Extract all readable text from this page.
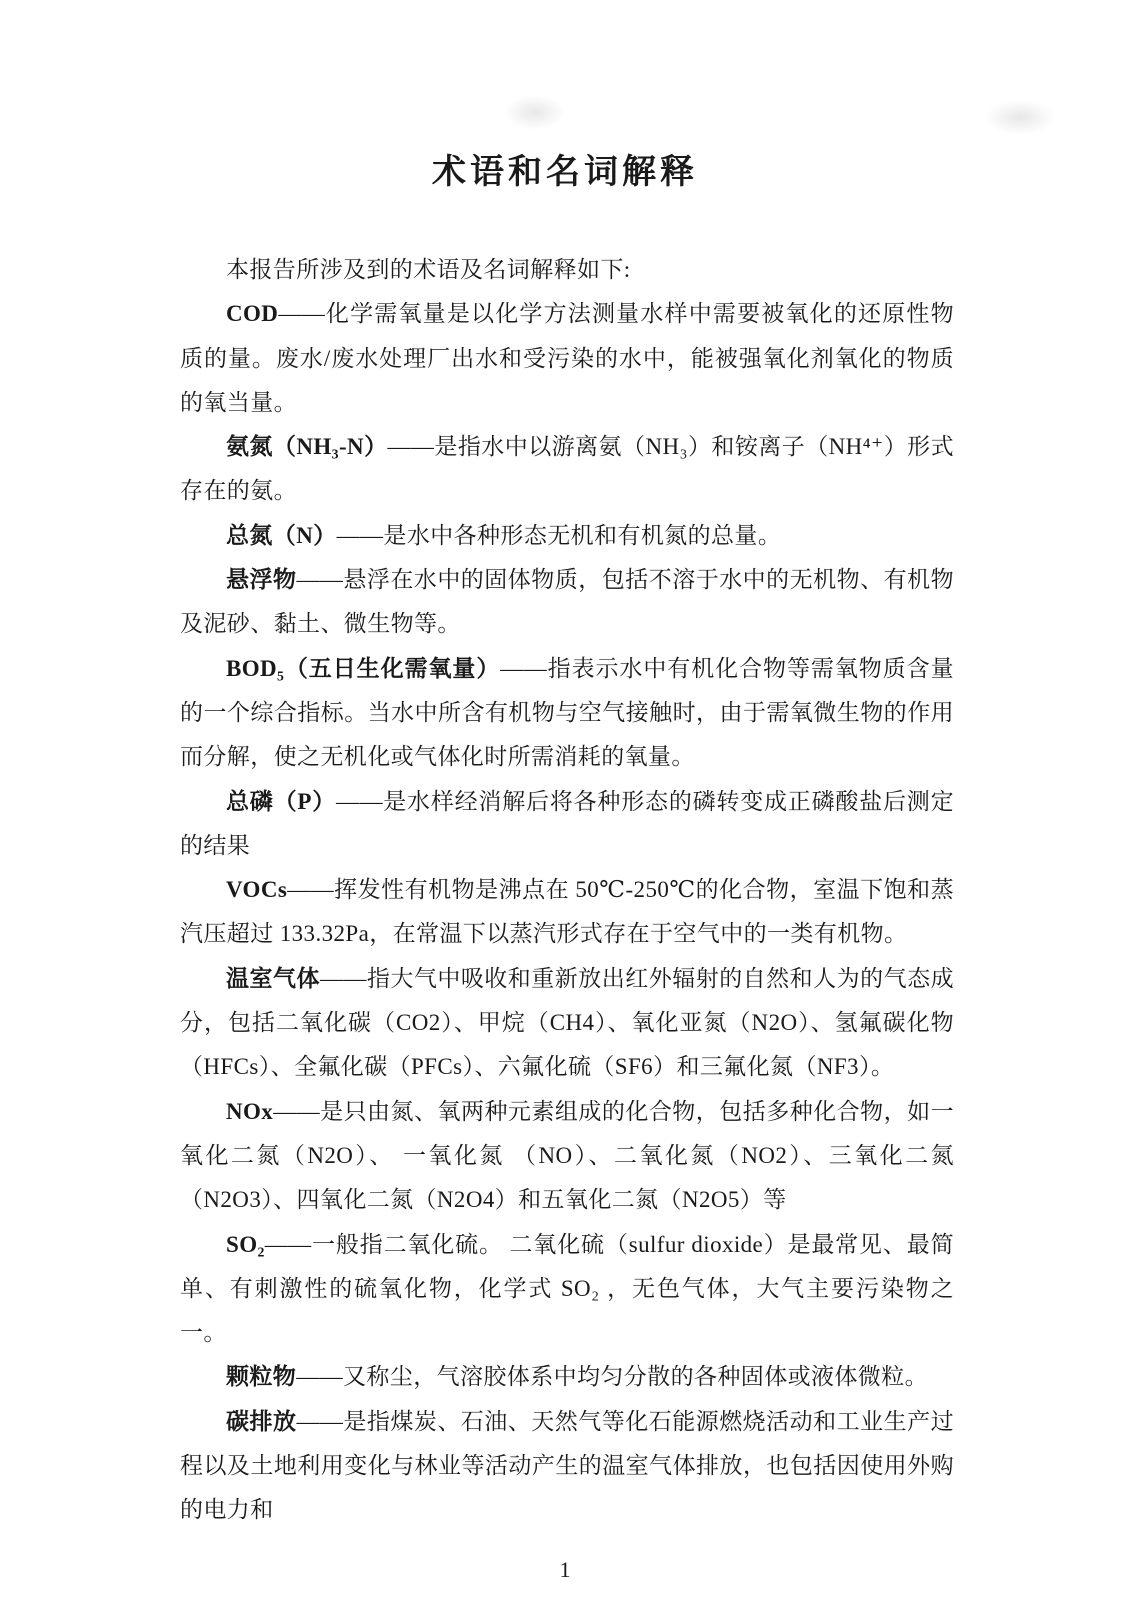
术语和名词解释

本报告所涉及到的术语及名词解释如下:

COD——化学需氧量是以化学方法测量水样中需要被氧化的还原性物质的量。废水/废水处理厂出水和受污染的水中，能被强氧化剂氧化的物质的氧当量。

氨氮（NH₃-N）——是指水中以游离氨（NH₃）和铵离子（NH⁴⁺）形式存在的氨。

总氮（N）——是水中各种形态无机和有机氮的总量。

悬浮物——悬浮在水中的固体物质，包括不溶于水中的无机物、有机物及泥砂、黏土、微生物等。

BOD₅（五日生化需氧量）——指表示水中有机化合物等需氧物质含量的一个综合指标。当水中所含有机物与空气接触时，由于需氧微生物的作用而分解，使之无机化或气体化时所需消耗的氧量。

总磷（P）——是水样经消解后将各种形态的磷转变成正磷酸盐后测定的结果

VOCs——挥发性有机物是沸点在 50℃-250℃的化合物，室温下饱和蒸汽压超过 133.32Pa，在常温下以蒸汽形式存在于空气中的一类有机物。

温室气体——指大气中吸收和重新放出红外辐射的自然和人为的气态成分，包括二氧化碳（CO2）、甲烷（CH4）、氧化亚氮（N2O）、氢氟碳化物（HFCs）、全氟化碳（PFCs）、六氟化硫（SF6）和三氟化氮（NF3）。

NOx——是只由氮、氧两种元素组成的化合物，包括多种化合物，如一氧化二氮（N2O）、 一氧化氮 （NO）、二氧化氮（NO2）、三氧化二氮（N2O3）、四氧化二氮（N2O4）和五氧化二氮（N2O5）等

SO₂——一般指二氧化硫。 二氧化硫（sulfur dioxide）是最常见、最简单、有刺激性的硫氧化物，化学式 SO₂ ，无色气体，大气主要污染物之一。

颗粒物——又称尘，气溶胶体系中均匀分散的各种固体或液体微粒。

碳排放——是指煤炭、石油、天然气等化石能源燃烧活动和工业生产过程以及土地利用变化与林业等活动产生的温室气体排放，也包括因使用外购的电力和

1
